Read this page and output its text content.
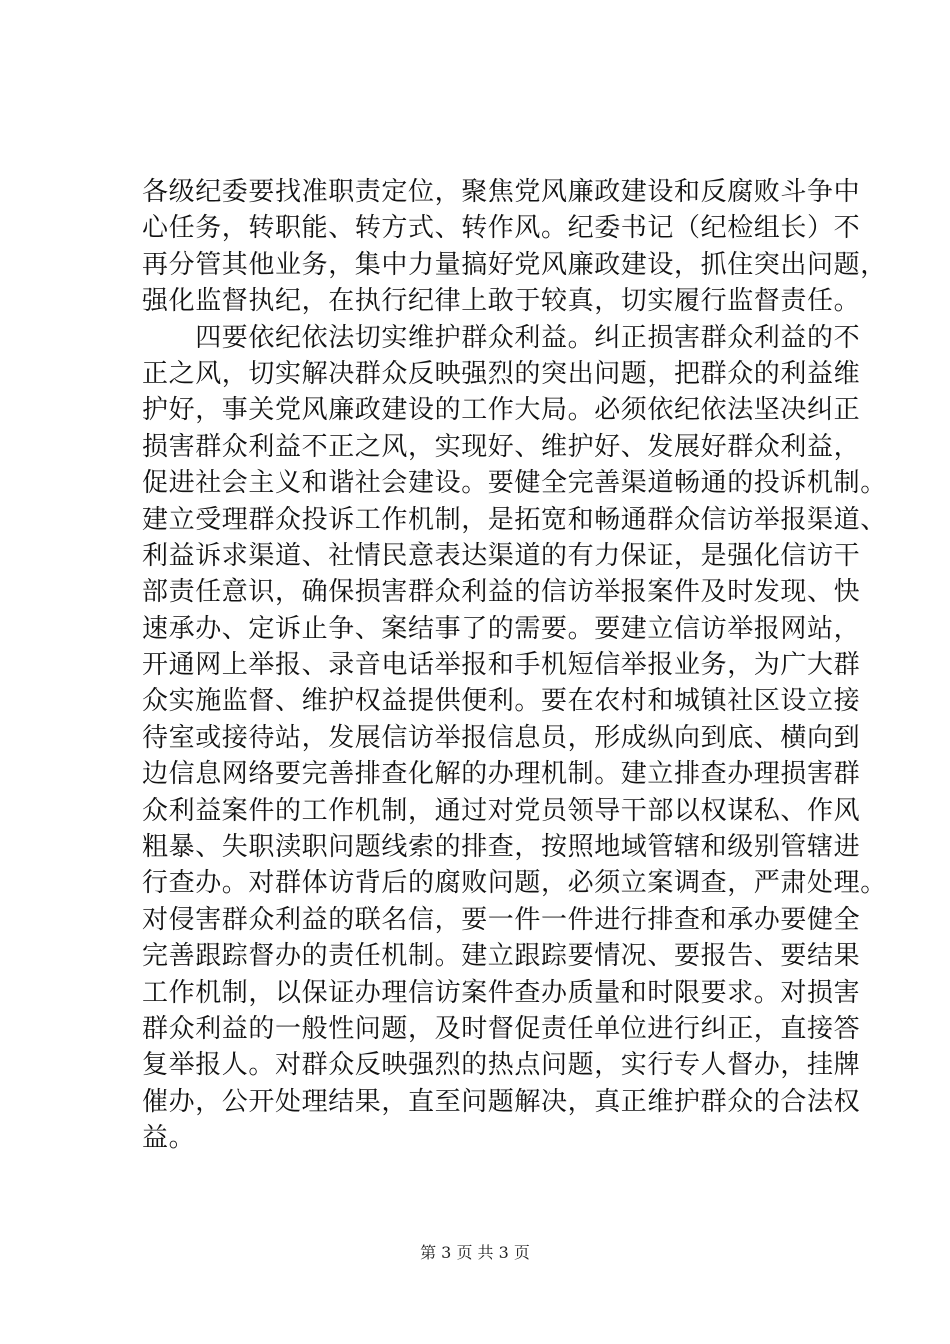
各级纪委要找准职责定位，聚焦党风廉政建设和反腐败斗争中
心任务，转职能、转方式、转作风。纪委书记（纪检组长）不
再分管其他业务，集中力量搞好党风廉政建设，抓住突出问题，
强化监督执纪，在执行纪律上敢于较真，切实履行监督责任。
　　四要依纪依法切实维护群众利益。纠正损害群众利益的不
正之风，切实解决群众反映强烈的突出问题，把群众的利益维
护好，事关党风廉政建设的工作大局。必须依纪依法坚决纠正
损害群众利益不正之风，实现好、维护好、发展好群众利益，
促进社会主义和谐社会建设。要健全完善渠道畅通的投诉机制。
建立受理群众投诉工作机制，是拓宽和畅通群众信访举报渠道、
利益诉求渠道、社情民意表达渠道的有力保证，是强化信访干
部责任意识，确保损害群众利益的信访举报案件及时发现、快
速承办、定诉止争、案结事了的需要。要建立信访举报网站，
开通网上举报、录音电话举报和手机短信举报业务，为广大群
众实施监督、维护权益提供便利。要在农村和城镇社区设立接
待室或接待站，发展信访举报信息员，形成纵向到底、横向到
边信息网络要完善排查化解的办理机制。建立排查办理损害群
众利益案件的工作机制，通过对党员领导干部以权谋私、作风
粗暴、失职渎职问题线索的排查，按照地域管辖和级别管辖进
行查办。对群体访背后的腐败问题，必须立案调查，严肃处理。
对侵害群众利益的联名信，要一件一件进行排查和承办要健全
完善跟踪督办的责任机制。建立跟踪要情况、要报告、要结果
工作机制，以保证办理信访案件查办质量和时限要求。对损害
群众利益的一般性问题，及时督促责任单位进行纠正，直接答
复举报人。对群众反映强烈的热点问题，实行专人督办，挂牌
催办，公开处理结果，直至问题解决，真正维护群众的合法权
益。
第 3 页 共 3 页
